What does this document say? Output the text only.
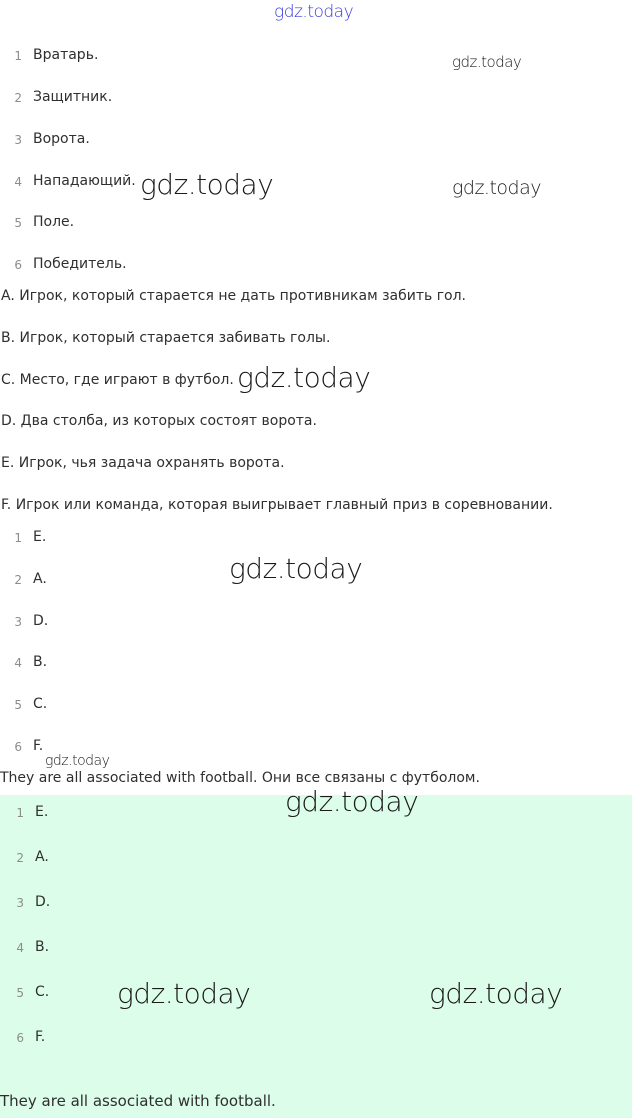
gdz.today
gdz.today
gdz.today	gdz.today
gdz.today
gdz.today
gdz.today
gdz.today
gdz.today	gdz.today
1 Вратарь.
2 Защитник.
3 Ворота.
4 Нападающий.
5 Поле.
6 Победитель.
A. Игрок, который старается не дать противникам забить гол.
B. Игрок, который старается забивать голы.
C. Место, где играют в футбол.
D. Два столба, из которых состоят ворота.
E. Игрок, чья задача охранять ворота.
F. Игрок или команда, которая выигрывает главный приз в соревновании.
1 E.
2 A.
3 D.
4 B.
5 C.
6 F.
They are all associated with football. Они все связаны с футболом.
1 E.
2 A.
3 D.
4 B.
5 C.
6 F.
They are all associated with football.
